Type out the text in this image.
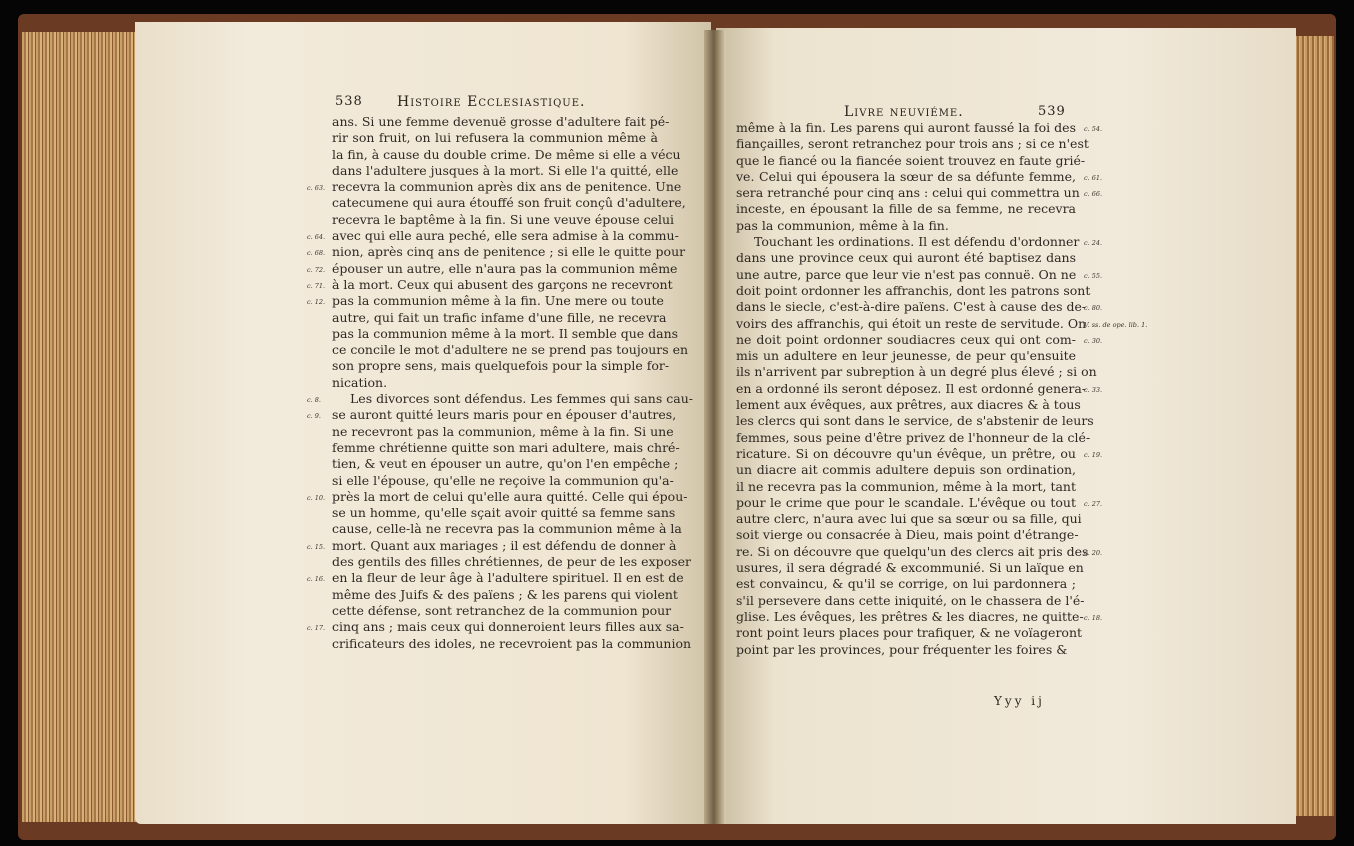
538 Histoire Ecclesiastique.
ans. Si une femme devenuë grosse d'adultere fait pé-
rir son fruit, on lui refusera la communion même à
la fin, à cause du double crime. De même si elle a vécu
dans l'adultere jusques à la mort. Si elle l'a quitté, elle
recevra la communion après dix ans de penitence. Une
catecumene qui aura étouffé son fruit conçû d'adultere,
recevra le baptême à la fin. Si une veuve épouse celui
avec qui elle aura peché, elle sera admise à la commu-
nion, après cinq ans de penitence ; si elle le quitte pour
épouser un autre, elle n'aura pas la communion même
à la mort. Ceux qui abusent des garçons ne recevront
pas la communion même à la fin. Une mere ou toute
autre, qui fait un trafic infame d'une fille, ne recevra
pas la communion même à la mort. Il semble que dans
ce concile le mot d'adultere ne se prend pas toujours en
son propre sens, mais quelquefois pour la simple for-
nication.
Les divorces sont défendus. Les femmes qui sans cau-
se auront quitté leurs maris pour en épouser d'autres,
ne recevront pas la communion, même à la fin. Si une
femme chrétienne quitte son mari adultere, mais chré-
tien, & veut en épouser un autre, qu'on l'en empêche ;
si elle l'épouse, qu'elle ne reçoive la communion qu'a-
près la mort de celui qu'elle aura quitté. Celle qui épou-
se un homme, qu'elle sçait avoir quitté sa femme sans
cause, celle-là ne recevra pas la communion même à la
mort. Quant aux mariages ; il est défendu de donner à
des gentils des filles chrétiennes, de peur de les exposer
en la fleur de leur âge à l'adultere spirituel. Il en est de
même des Juifs & des païens ; & les parens qui violent
cette défense, sont retranchez de la communion pour
cinq ans ; mais ceux qui donneroient leurs filles aux sa-
crificateurs des idoles, ne recevroient pas la communion
c. 63.
c. 64.
c. 68.
c. 72.
c. 71.
c. 12.
c. 8.
c. 9.
c. 10.
c. 15.
c. 16.
c. 17.
Livre neuviéme.	539
même à la fin. Les parens qui auront faussé la foi des
fiançailles, seront retranchez pour trois ans ; si ce n'est
que le fiancé ou la fiancée soient trouvez en faute grié-
ve. Celui qui épousera la sœur de sa défunte femme,
sera retranché pour cinq ans : celui qui commettra un
inceste, en épousant la fille de sa femme, ne recevra
pas la communion, même à la fin.
Touchant les ordinations. Il est défendu d'ordonner
dans une province ceux qui auront été baptisez dans
une autre, parce que leur vie n'est pas connuë. On ne
doit point ordonner les affranchis, dont les patrons sont
dans le siecle, c'est-à-dire païens. C'est à cause des de-
voirs des affranchis, qui étoit un reste de servitude. On
ne doit point ordonner soudiacres ceux qui ont com-
mis un adultere en leur jeunesse, de peur qu'ensuite
ils n'arrivent par subreption à un degré plus élevé ; si on
en a ordonné ils seront déposez. Il est ordonné genera-
lement aux évêques, aux prêtres, aux diacres & à tous
les clercs qui sont dans le service, de s'abstenir de leurs
femmes, sous peine d'être privez de l'honneur de la clé-
ricature. Si on découvre qu'un évêque, un prêtre, ou
un diacre ait commis adultere depuis son ordination,
il ne recevra pas la communion, même à la mort, tant
pour le crime que pour le scandale. L'évêque ou tout
autre clerc, n'aura avec lui que sa sœur ou sa fille, qui
soit vierge ou consacrée à Dieu, mais point d'étrange-
re. Si on découvre que quelqu'un des clercs ait pris des
usures, il sera dégradé & excommunié. Si un laïque en
est convaincu, & qu'il se corrige, on lui pardonnera ;
s'il persevere dans cette iniquité, on le chassera de l'é-
glise. Les évêques, les prêtres & les diacres, ne quitte-
ront point leurs places pour trafiquer, & ne voïageront
point par les provinces, pour fréquenter les foires &
c. 54.
c. 61.
c. 66.
c. 24.
c. 55.
c. 80.
V. ss. de ope. lib. 1.
c. 30.
c. 33.
c. 19.
c. 27.
c. 20.
c. 18.
Yyy ij
